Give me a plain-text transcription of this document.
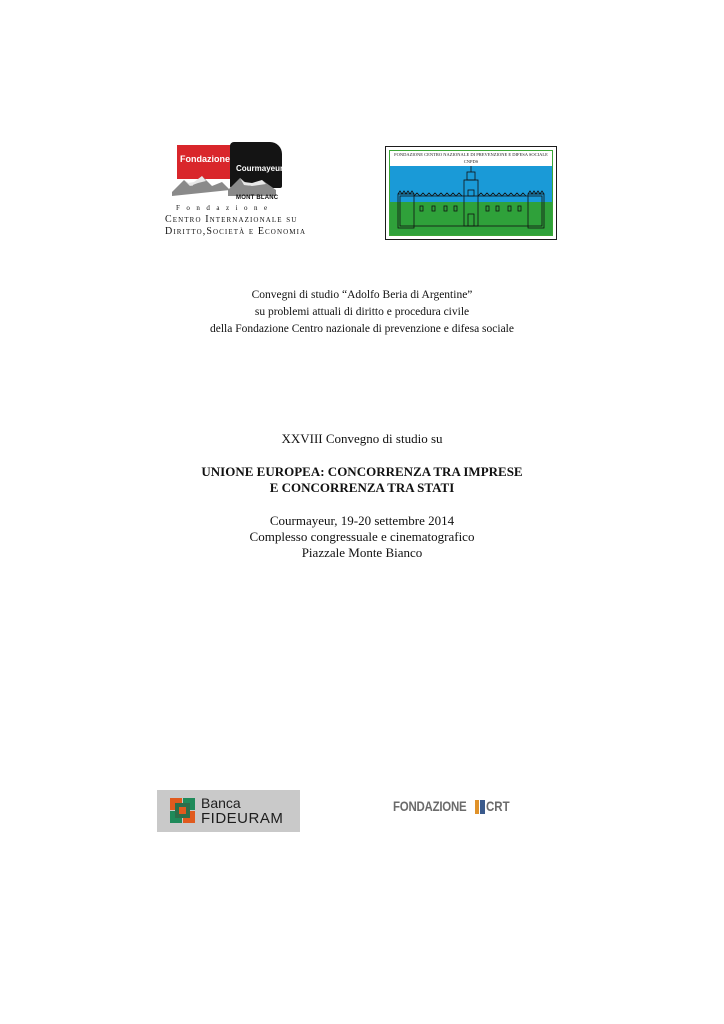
Fondazione
Courmayeur
MONT BLANC
Fondazione
Centro Internazionale su
Diritto,Società e Economia
FONDAZIONE CENTRO NAZIONALE DI PREVENZIONE E DIFESA SOCIALE
CNPDS
Convegni di studio “Adolfo Beria di Argentine”
su problemi attuali di diritto e procedura civile
della Fondazione Centro nazionale di prevenzione e difesa sociale
XXVIII Convegno di studio su
UNIONE EUROPEA: CONCORRENZA TRA IMPRESE
E CONCORRENZA TRA STATI
Courmayeur, 19-20 settembre 2014
Complesso congressuale e cinematografico
Piazzale Monte Bianco
Banca
FIDEURAM
FONDAZIONE CRT
